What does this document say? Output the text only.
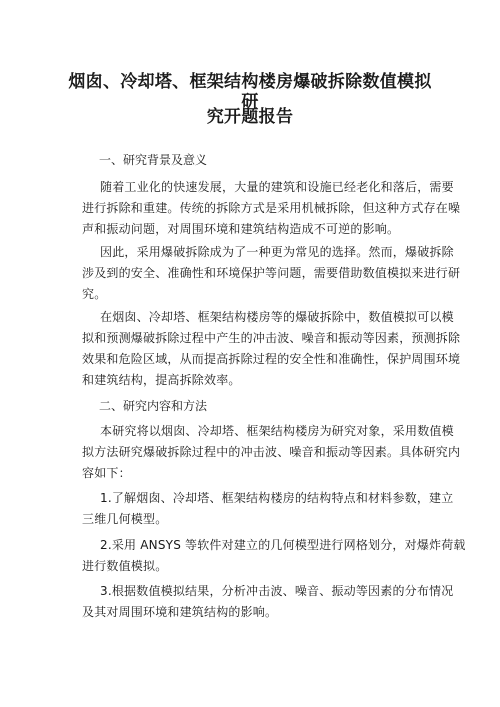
烟囱、冷却塔、框架结构楼房爆破拆除数值模拟研
究开题报告

一、研究背景及意义

随着工业化的快速发展，大量的建筑和设施已经老化和落后，需要

进行拆除和重建。传统的拆除方式是采用机械拆除，但这种方式存在噪

声和振动问题，对周围环境和建筑结构造成不可逆的影响。

因此，采用爆破拆除成为了一种更为常见的选择。然而，爆破拆除

涉及到的安全、准确性和环境保护等问题，需要借助数值模拟来进行研

究。

在烟囱、冷却塔、框架结构楼房等的爆破拆除中，数值模拟可以模

拟和预测爆破拆除过程中产生的冲击波、噪音和振动等因素，预测拆除

效果和危险区域，从而提高拆除过程的安全性和准确性，保护周围环境

和建筑结构，提高拆除效率。

二、研究内容和方法

本研究将以烟囱、冷却塔、框架结构楼房为研究对象，采用数值模

拟方法研究爆破拆除过程中的冲击波、噪音和振动等因素。具体研究内

容如下：

1.了解烟囱、冷却塔、框架结构楼房的结构特点和材料参数，建立

三维几何模型。

2.采用 ANSYS 等软件对建立的几何模型进行网格划分，对爆炸荷载

进行数值模拟。

3.根据数值模拟结果，分析冲击波、噪音、振动等因素的分布情况

及其对周围环境和建筑结构的影响。
